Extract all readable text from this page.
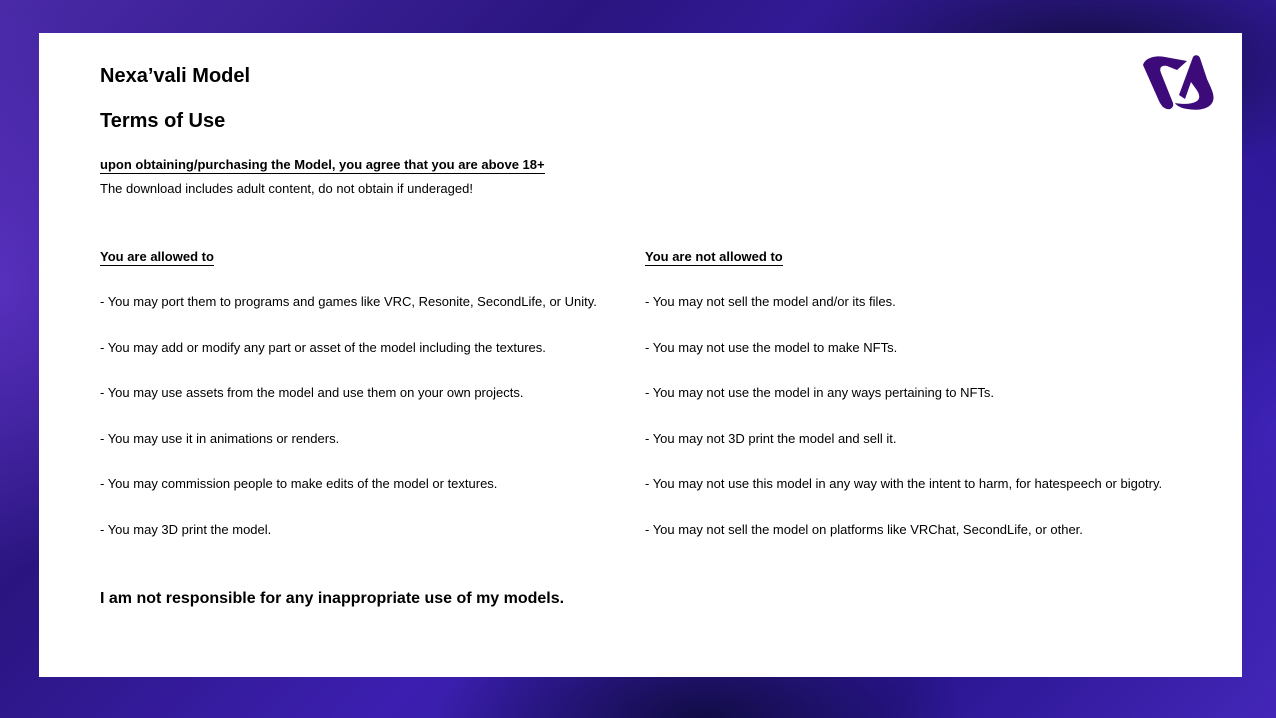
Nexa’vali Model
Terms of Use

upon obtaining/purchasing the Model, you agree that you are above 18+

The download includes adult content, do not obtain if underaged!

You are allowed to
- You may port them to programs and games like VRC, Resonite, SecondLife, or Unity.
- You may add or modify any part or asset of the model including the textures.
- You may use assets from the model and use them on your own projects.
- You may use it in animations or renders.
- You may commission people to make edits of the model or textures.
- You may 3D print the model.
You are not allowed to
- You may not sell the model and/or its files.
- You may not use the model to make NFTs.
- You may not use the model in any ways pertaining to NFTs.
- You may not 3D print the model and sell it.
- You may not use this model in any way with the intent to harm, for hatespeech or bigotry.
- You may not sell the model on platforms like VRChat, SecondLife, or other.

I am not responsible for any inappropriate use of my models.
